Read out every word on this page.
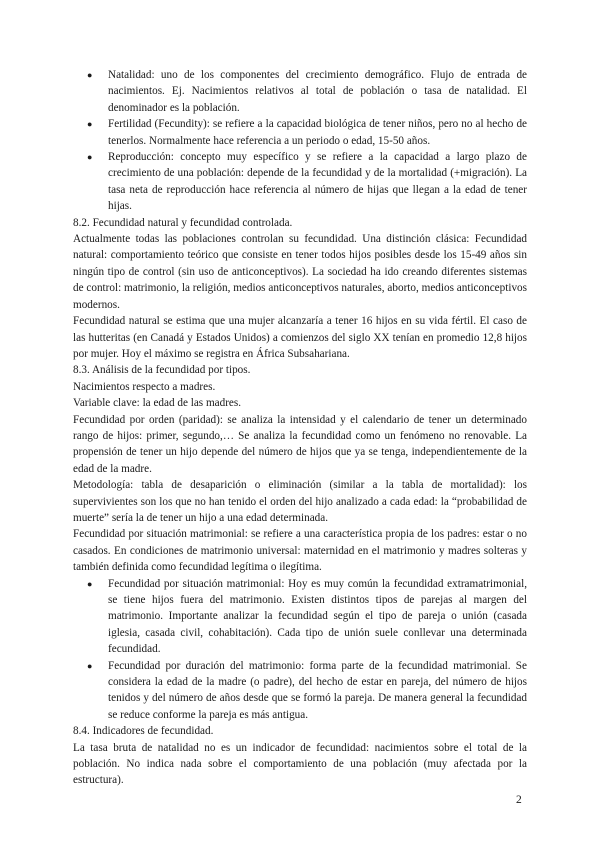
● Natalidad: uno de los componentes del crecimiento demográfico. Flujo de entrada de nacimientos. Ej. Nacimientos relativos al total de población o tasa de natalidad. El denominador es la población.
● Fertilidad (Fecundity): se refiere a la capacidad biológica de tener niños, pero no al hecho de tenerlos. Normalmente hace referencia a un periodo o edad, 15-50 años.
● Reproducción: concepto muy específico y se refiere a la capacidad a largo plazo de crecimiento de una población: depende de la fecundidad y de la mortalidad (+migración). La tasa neta de reproducción hace referencia al número de hijas que llegan a la edad de tener hijas.

8.2. Fecundidad natural y fecundidad controlada.

Actualmente todas las poblaciones controlan su fecundidad. Una distinción clásica: Fecundidad natural: comportamiento teórico que consiste en tener todos hijos posibles desde los 15-49 años sin ningún tipo de control (sin uso de anticonceptivos). La sociedad ha ido creando diferentes sistemas de control: matrimonio, la religión, medios anticonceptivos naturales, aborto, medios anticonceptivos modernos.

Fecundidad natural se estima que una mujer alcanzaría a tener 16 hijos en su vida fértil. El caso de las hutteritas (en Canadá y Estados Unidos) a comienzos del siglo XX tenían en promedio 12,8 hijos por mujer. Hoy el máximo se registra en África Subsahariana.

8.3. Análisis de la fecundidad por tipos.

Nacimientos respecto a madres.

Variable clave: la edad de las madres.

Fecundidad por orden (paridad): se analiza la intensidad y el calendario de tener un determinado rango de hijos: primer, segundo,… Se analiza la fecundidad como un fenómeno no renovable. La propensión de tener un hijo depende del número de hijos que ya se tenga, independientemente de la edad de la madre.

Metodología: tabla de desaparición o eliminación (similar a la tabla de mortalidad): los supervivientes son los que no han tenido el orden del hijo analizado a cada edad: la “probabilidad de muerte” sería la de tener un hijo a una edad determinada.

Fecundidad por situación matrimonial: se refiere a una característica propia de los padres: estar o no casados. En condiciones de matrimonio universal: maternidad en el matrimonio y madres solteras y también definida como fecundidad legítima o ilegítima.

● Fecundidad por situación matrimonial: Hoy es muy común la fecundidad extramatrimonial, se tiene hijos fuera del matrimonio. Existen distintos tipos de parejas al margen del matrimonio. Importante analizar la fecundidad según el tipo de pareja o unión (casada iglesia, casada civil, cohabitación). Cada tipo de unión suele conllevar una determinada fecundidad.
● Fecundidad por duración del matrimonio: forma parte de la fecundidad matrimonial. Se considera la edad de la madre (o padre), del hecho de estar en pareja, del número de hijos tenidos y del número de años desde que se formó la pareja. De manera general la fecundidad se reduce conforme la pareja es más antigua.

8.4. Indicadores de fecundidad.

La tasa bruta de natalidad no es un indicador de fecundidad: nacimientos sobre el total de la población. No indica nada sobre el comportamiento de una población (muy afectada por la estructura).

2
